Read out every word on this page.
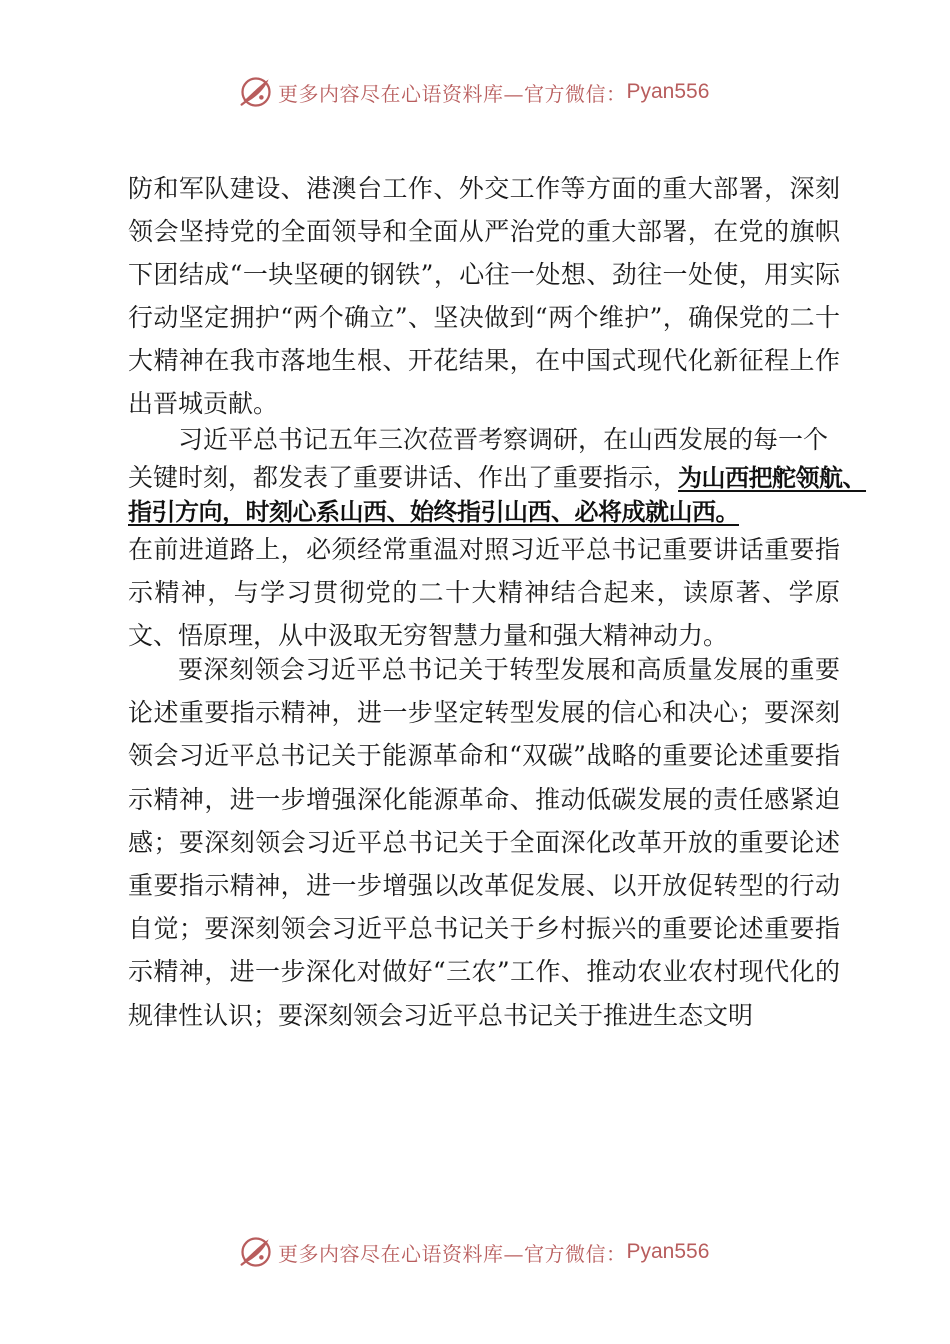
更多内容尽在心语资料库—官方微信： Pyan556

防和军队建设、港澳台工作、外交工作等方面的重大部署，深刻领会坚持党的全面领导和全面从严治党的重大部署，在党的旗帜下团结成“一块坚硬的钢铁”，心往一处想、劲往一处使，用实际行动坚定拥护“两个确立”、坚决做到“两个维护”，确保党的二十大精神在我市落地生根、开花结果，在中国式现代化新征程上作出晋城贡献。

习近平总书记五年三次莅晋考察调研，在山西发展的每一个
关键时刻，都发表了重要讲话、作出了重要指示，为山西把舵领航、
指引方向，时刻心系山西、始终指引山西、必将成就山西。

在前进道路上，必须经常重温对照习近平总书记重要讲话重要指示精神，与学习贯彻党的二十大精神结合起来，读原著、学原文、悟原理，从中汲取无穷智慧力量和强大精神动力。

要深刻领会习近平总书记关于转型发展和高质量发展的重要论述重要指示精神，进一步坚定转型发展的信心和决心；要深刻领会习近平总书记关于能源革命和“双碳”战略的重要论述重要指示精神，进一步增强深化能源革命、推动低碳发展的责任感紧迫感；要深刻领会习近平总书记关于全面深化改革开放的重要论述重要指示精神，进一步增强以改革促发展、以开放促转型的行动自觉；要深刻领会习近平总书记关于乡村振兴的重要论述重要指示精神，进一步深化对做好“三农”工作、推动农业农村现代化的规律性认识；要深刻领会习近平总书记关于推进生态文明

更多内容尽在心语资料库—官方微信： Pyan556
